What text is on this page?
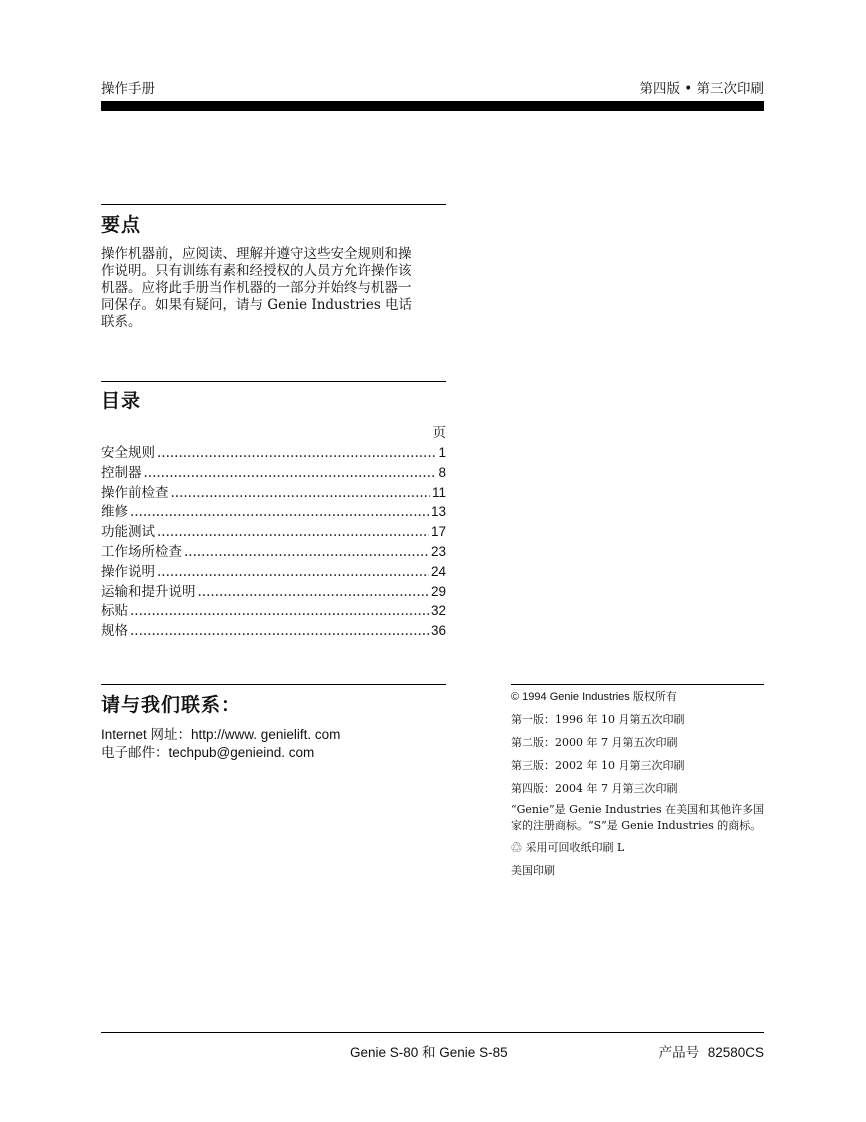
操作手册	第四版 • 第三次印刷
要点
操作机器前，应阅读、理解并遵守这些安全规则和操
作说明。只有训练有素和经授权的人员方允许操作该
机器。应将此手册当作机器的一部分并始终与机器一
同保存。如果有疑问，请与 Genie Industries 电话
联系。
目录
页
安全规则 .....	1
控制器 .....	8
操作前检查 .....	11
维修 .....	13
功能测试 .....	17
工作场所检查 .....	23
操作说明 .....	24
运输和提升说明 .....	29
标贴 .....	32
规格 .....	36
请与我们联系：
Internet 网址：http://www. genielift. com
电子邮件：techpub@genieind. com
© 1994 Genie Industries 版权所有
第一版：1996 年 10 月第五次印刷
第二版：2000 年 7 月第五次印刷
第三版：2002 年 10 月第三次印刷
第四版：2004 年 7 月第三次印刷
“Genie”是 Genie Industries 在美国和其他许多国
家的注册商标。“S”是 Genie Industries 的商标。
♲ 采用可回收纸印刷 L
美国印刷
Genie S-80 和 Genie S-85	产品号 82580CS
